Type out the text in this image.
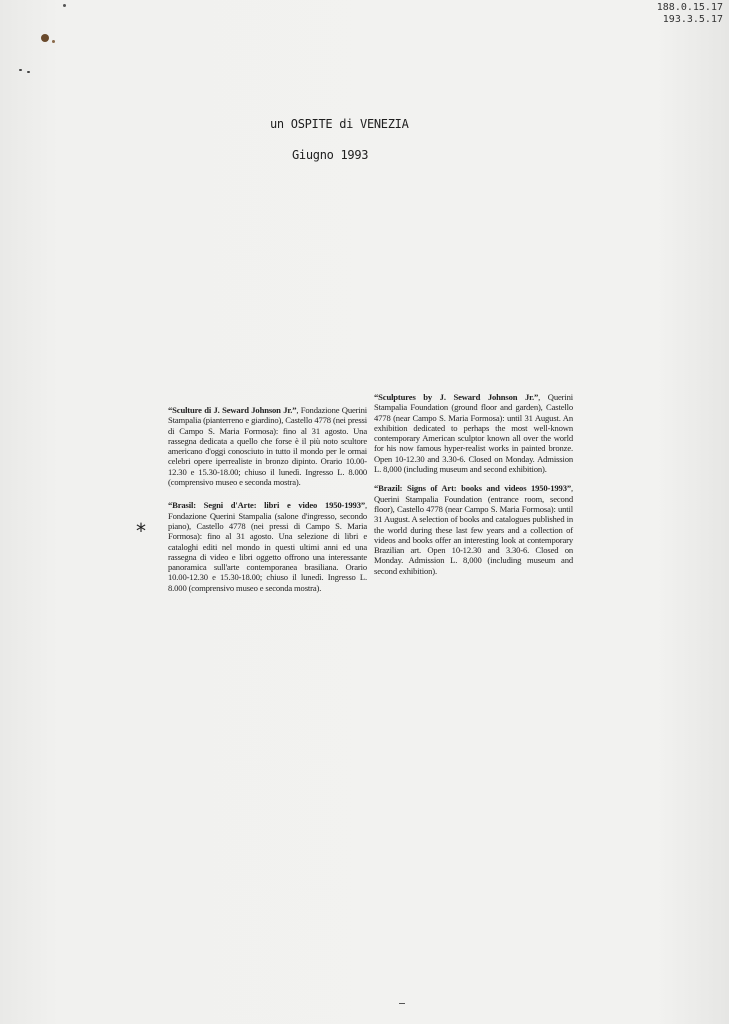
188.0.15.17
193.3.5.17
un OSPITE di VENEZIA
Giugno 1993
*

“Sculture di J. Seward Johnson Jr.”, Fondazione Querini Stampalia (pianterreno e giardino), Castello 4778 (nei pressi di Campo S. Maria Formosa): fino al 31 agosto. Una rassegna dedicata a quello che forse è il più noto scultore americano d'oggi conosciuto in tutto il mondo per le ormai celebri opere iperrealiste in bronzo dipinto. Orario 10.00-12.30 e 15.30-18.00; chiuso il lunedì. Ingresso L. 8.000 (comprensivo museo e seconda mostra).

“Brasil: Segni d'Arte: libri e video 1950-1993”, Fondazione Querini Stampalia (salone d'ingresso, secondo piano), Castello 4778 (nei pressi di Campo S. Maria Formosa): fino al 31 agosto. Una selezione di libri e cataloghi editi nel mondo in questi ultimi anni ed una rassegna di video e libri oggetto offrono una interessante panoramica sull'arte contemporanea brasiliana. Orario 10.00-12.30 e 15.30-18.00; chiuso il lunedì. Ingresso L. 8.000 (comprensivo museo e seconda mostra).

“Sculptures by J. Seward Johnson Jr.”, Querini Stampalia Foundation (ground floor and garden), Castello 4778 (near Campo S. Maria Formosa): until 31 August. An exhibition dedicated to perhaps the most well-known contemporary American sculptor known all over the world for his now famous hyper-realist works in painted bronze. Open 10-12.30 and 3.30-6. Closed on Monday. Admission L. 8,000 (including museum and second exhibition).

“Brazil: Signs of Art: books and videos 1950-1993”, Querini Stampalia Foundation (entrance room, second floor), Castello 4778 (near Campo S. Maria Formosa): until 31 August. A selection of books and catalogues published in the world during these last few years and a collection of videos and books offer an interesting look at contemporary Brazilian art. Open 10-12.30 and 3.30-6. Closed on Monday. Admission L. 8,000 (including museum and second exhibition).
